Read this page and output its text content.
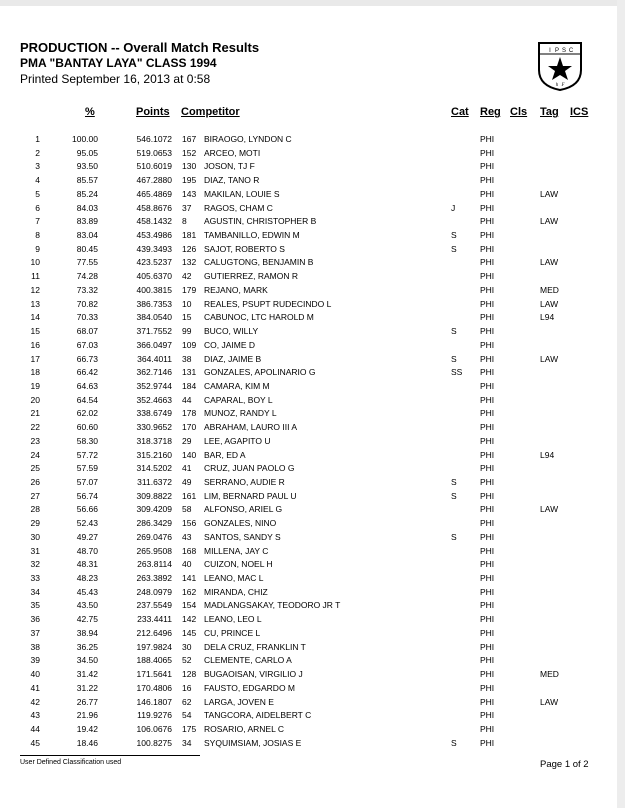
PRODUCTION -- Overall Match Results
PMA "BANTAY LAYA" CLASS 1994
Printed September 16, 2013 at 0:58
I P S C
h F
%	Points Competitor	Cat Reg Cls Tag ICS
1	100.00	546.1072 167 BIRAOGO, LYNDON C	PHI
2	95.05	519.0653 152 ARCEO, MOTI	PHI
3	93.50	510.6019 130 JOSON, TJ F	PHI
4	85.57	467.2880 195 DIAZ, TANO R	PHI
5	85.24	465.4869 143 MAKILAN, LOUIE S	PHI	LAW
6	84.03	458.8676 37 RAGOS, CHAM C	J	PHI
7	83.89	458.1432 8 AGUSTIN, CHRISTOPHER B	PHI	LAW
8	83.04	453.4986 181 TAMBANILLO, EDWIN M	S	PHI
9	80.45	439.3493 126 SAJOT, ROBERTO S	S	PHI
10	77.55	423.5237 132 CALUGTONG, BENJAMIN B	PHI	LAW
11	74.28	405.6370 42 GUTIERREZ, RAMON R	PHI
12	73.32	400.3815 179 REJANO, MARK	PHI	MED
13	70.82	386.7353 10 REALES, PSUPT RUDECINDO L	PHI	LAW
14	70.33	384.0540 15 CABUNOC, LTC HAROLD M	PHI	L94
15	68.07	371.7552 99 BUCO, WILLY	S	PHI
16	67.03	366.0497 109 CO, JAIME D	PHI
17	66.73	364.4011 38 DIAZ, JAIME B	S	PHI	LAW
18	66.42	362.7146 131 GONZALES, APOLINARIO G	SS PHI
19	64.63	352.9744 184 CAMARA, KIM M	PHI
20	64.54	352.4663 44 CAPARAL, BOY L	PHI
21	62.02	338.6749 178 MUNOZ, RANDY L	PHI
22	60.60	330.9652 170 ABRAHAM, LAURO III A	PHI
23	58.30	318.3718 29 LEE, AGAPITO U	PHI
24	57.72	315.2160 140 BAR, ED A	PHI	L94
25	57.59	314.5202 41 CRUZ, JUAN PAOLO G	PHI
26	57.07	311.6372 49 SERRANO, AUDIE R	S	PHI
27	56.74	309.8822 161 LIM, BERNARD PAUL U	S	PHI
28	56.66	309.4209 58 ALFONSO, ARIEL G	PHI	LAW
29	52.43	286.3429 156 GONZALES, NINO	PHI
30	49.27	269.0476 43 SANTOS, SANDY S	S	PHI
31	48.70	265.9508 168 MILLENA, JAY C	PHI
32	48.31	263.8114 40 CUIZON, NOEL H	PHI
33	48.23	263.3892 141 LEANO, MAC L	PHI
34	45.43	248.0979 162 MIRANDA, CHIZ	PHI
35	43.50	237.5549 154 MADLANGSAKAY, TEODORO JR T	PHI
36	42.75	233.4411 142 LEANO, LEO L	PHI
37	38.94	212.6496 145 CU, PRINCE L	PHI
38	36.25	197.9824 30 DELA CRUZ, FRANKLIN T	PHI
39	34.50	188.4065 52 CLEMENTE, CARLO A	PHI
40	31.42	171.5641 128 BUGAOISAN, VIRGILIO J	PHI	MED
41	31.22	170.4806 16 FAUSTO, EDGARDO M	PHI
42	26.77	146.1807 62 LARGA, JOVEN E	PHI	LAW
43	21.96	119.9276 54 TANGCORA, AIDELBERT C	PHI
44	19.42	106.0676 175 ROSARIO, ARNEL C	PHI
45	18.46	100.8275 34 SYQUIMSIAM, JOSIAS E	S	PHI
User Defined Classification used	Page 1 of 2
